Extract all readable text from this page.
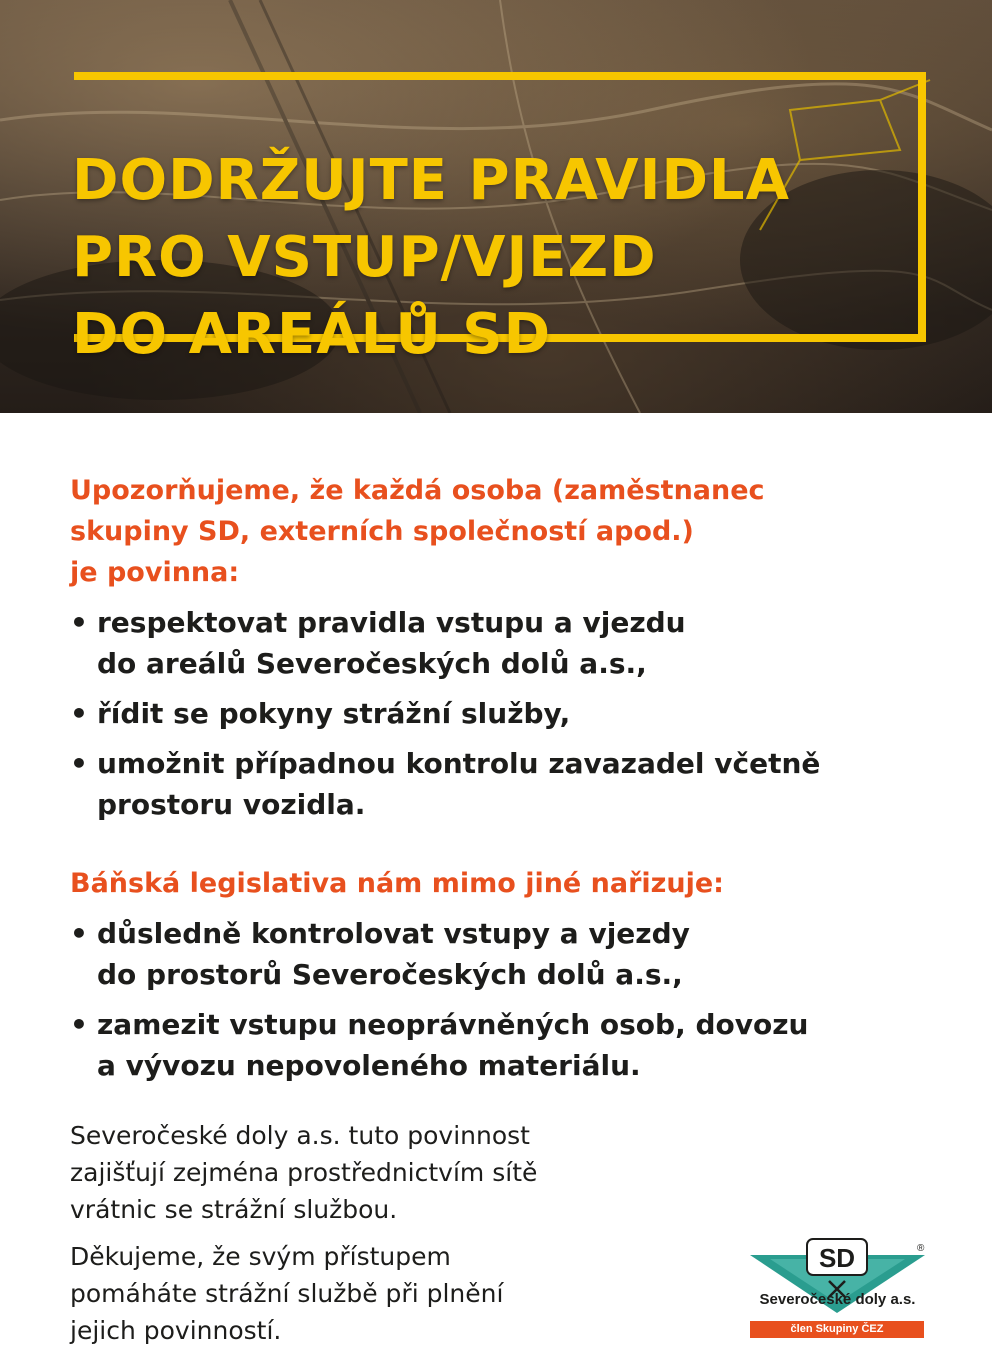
DODRŽUJTE PRAVIDLA
PRO VSTUP/VJEZD
DO AREÁLŮ SD

Upozorňujeme, že každá osoba (zaměstnanec
skupiny SD, externích společností apod.)
je povinna:

• respektovat pravidla vstupu a vjezdu
do areálů Severočeských dolů a.s.,
• řídit se pokyny strážní služby,
• umožnit případnou kontrolu zavazadel včetně
prostoru vozidla.

Báňská legislativa nám mimo jiné nařizuje:

• důsledně kontrolovat vstupy a vjezdy
do prostorů Severočeských dolů a.s.,
• zamezit vstupu neoprávněných osob, dovozu
a vývozu nepovoleného materiálu.

Severočeské doly a.s. tuto povinnost
zajišťují zejména prostřednictvím sítě
vrátnic se strážní službou.

Děkujeme, že svým přístupem
pomáháte strážní službě při plnění
jejich povinností.

SD	®
Severočeské doly a.s.
člen Skupiny ČEZ
